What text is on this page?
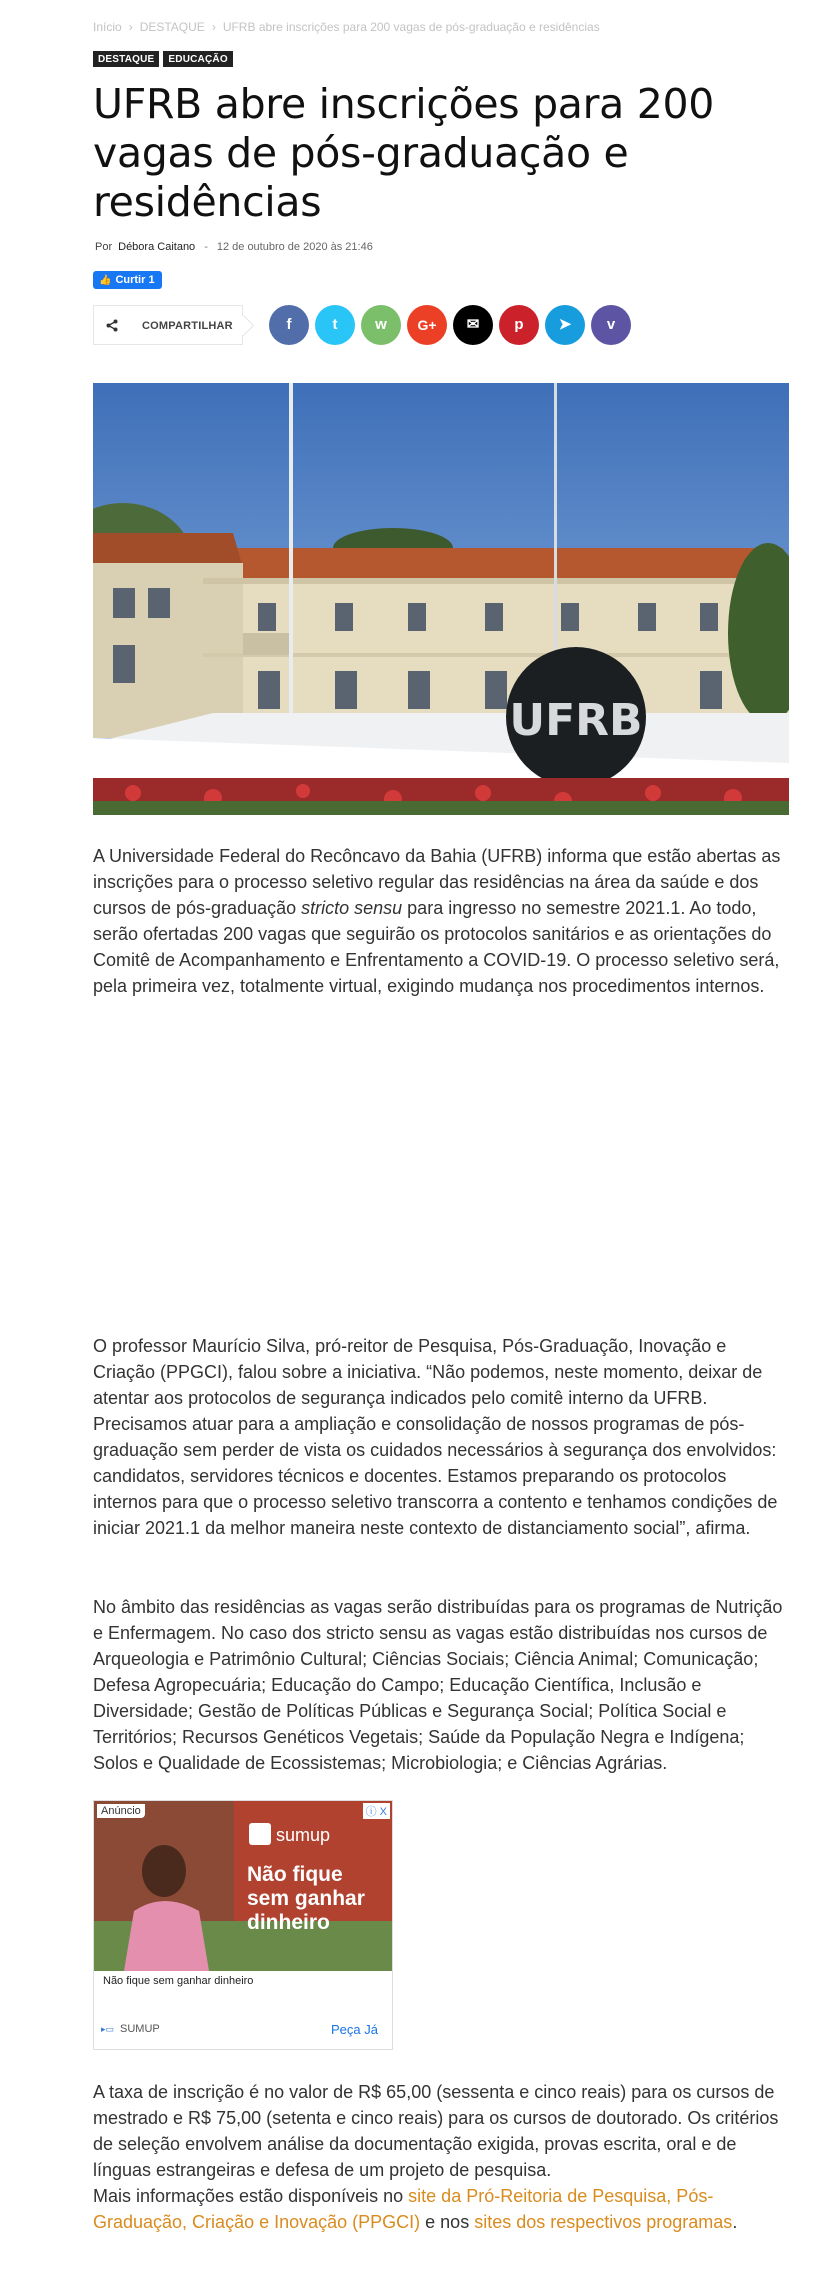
Início › DESTAQUE › UFRB abre inscrições para 200 vagas de pós-graduação e residências
DESTAQUE EDUCAÇÃO
UFRB abre inscrições para 200 vagas de pós-graduação e residências
Por Débora Caitano - 12 de outubro de 2020 às 21:46
👍 Curtir 1
COMPARTILHAR	f	t	w	G+	✉	p	➤	v
UFRB

A Universidade Federal do Recôncavo da Bahia (UFRB) informa que estão abertas as inscrições para o processo seletivo regular das residências na área da saúde e dos cursos de pós-graduação stricto sensu para ingresso no semestre 2021.1. Ao todo, serão ofertadas 200 vagas que seguirão os protocolos sanitários e as orientações do Comitê de Acompanhamento e Enfrentamento a COVID-19. O processo seletivo será, pela primeira vez, totalmente virtual, exigindo mudança nos procedimentos internos.

O professor Maurício Silva, pró-reitor de Pesquisa, Pós-Graduação, Inovação e Criação (PPGCI), falou sobre a iniciativa. “Não podemos, neste momento, deixar de atentar aos protocolos de segurança indicados pelo comitê interno da UFRB. Precisamos atuar para a ampliação e consolidação de nossos programas de pós-graduação sem perder de vista os cuidados necessários à segurança dos envolvidos: candidatos, servidores técnicos e docentes. Estamos preparando os protocolos internos para que o processo seletivo transcorra a contento e tenhamos condições de iniciar 2021.1 da melhor maneira neste contexto de distanciamento social”, afirma.

No âmbito das residências as vagas serão distribuídas para os programas de Nutrição e Enfermagem. No caso dos stricto sensu as vagas estão distribuídas nos cursos de Arqueologia e Patrimônio Cultural; Ciências Sociais; Ciência Animal; Comunicação; Defesa Agropecuária; Educação do Campo; Educação Científica, Inclusão e Diversidade; Gestão de Políticas Públicas e Segurança Social; Política Social e Territórios; Recursos Genéticos Vegetais; Saúde da População Negra e Indígena; Solos e Qualidade de Ecossistemas; Microbiologia; e Ciências Agrárias.

sumup
Não fique
sem ganhar
dinheiro
Anúncio	ⓘ X
Não fique sem ganhar dinheiro
▸▭ SUMUP	Peça Já

A taxa de inscrição é no valor de R$ 65,00 (sessenta e cinco reais) para os cursos de mestrado e R$ 75,00 (setenta e cinco reais) para os cursos de doutorado. Os critérios de seleção envolvem análise da documentação exigida, provas escrita, oral e de línguas estrangeiras e defesa de um projeto de pesquisa.

Mais informações estão disponíveis no site da Pró-Reitoria de Pesquisa, Pós-Graduação, Criação e Inovação (PPGCI) e nos sites dos respectivos programas.
